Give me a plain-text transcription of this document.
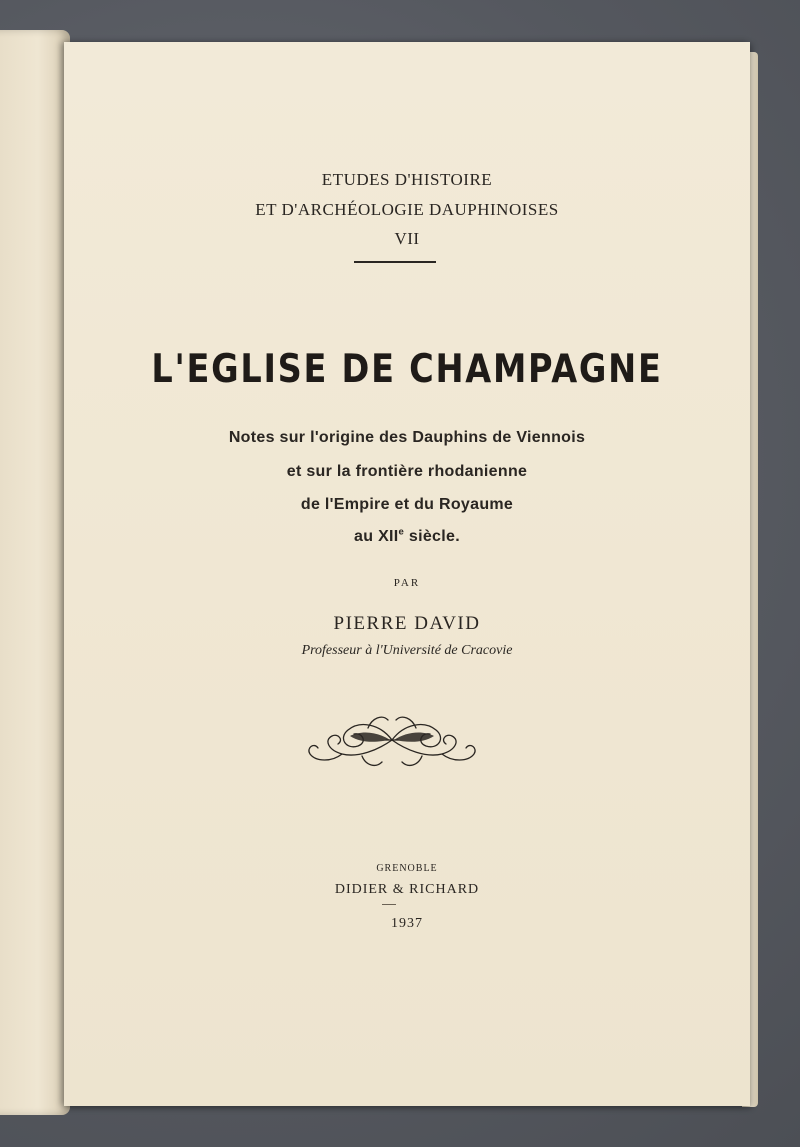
ETUDES D'HISTOIRE
ET D'ARCHÉOLOGIE DAUPHINOISES
VII
L'EGLISE DE CHAMPAGNE
Notes sur l'origine des Dauphins de Viennois
et sur la frontière rhodanienne
de l'Empire et du Royaume
au XIIe siècle.
PAR
PIERRE DAVID
Professeur à l'Université de Cracovie
GRENOBLE
DIDIER & RICHARD
1937
